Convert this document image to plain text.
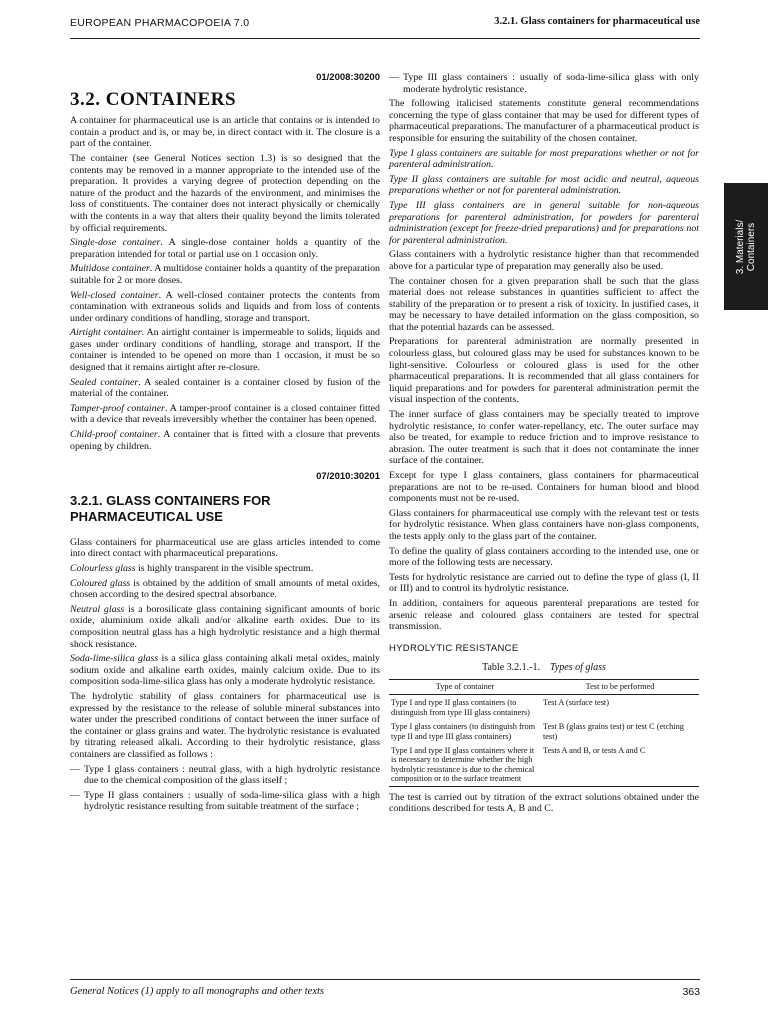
EUROPEAN PHARMACOPOEIA 7.0	3.2.1. Glass containers for pharmaceutical use
3. Materials/ Containers
01/2008:30200
3.2. CONTAINERS

A container for pharmaceutical use is an article that contains or is intended to contain a product and is, or may be, in direct contact with it. The closure is a part of the container.

The container (see General Notices section 1.3) is so designed that the contents may be removed in a manner appropriate to the intended use of the preparation. It provides a varying degree of protection depending on the nature of the product and the hazards of the environment, and minimises the loss of constituents. The container does not interact physically or chemically with the contents in a way that alters their quality beyond the limits tolerated by official requirements.

Single-dose container. A single-dose container holds a quantity of the preparation intended for total or partial use on 1 occasion only.

Multidose container. A multidose container holds a quantity of the preparation suitable for 2 or more doses.

Well-closed container. A well-closed container protects the contents from contamination with extraneous solids and liquids and from loss of contents under ordinary conditions of handling, storage and transport.

Airtight container. An airtight container is impermeable to solids, liquids and gases under ordinary conditions of handling, storage and transport. If the container is intended to be opened on more than 1 occasion, it must be so designed that it remains airtight after re-closure.

Sealed container. A sealed container is a container closed by fusion of the material of the container.

Tamper-proof container. A tamper-proof container is a closed container fitted with a device that reveals irreversibly whether the container has been opened.

Child-proof container. A container that is fitted with a closure that prevents opening by children.

07/2010:30201
3.2.1. GLASS CONTAINERS FOR PHARMACEUTICAL USE

Glass containers for pharmaceutical use are glass articles intended to come into direct contact with pharmaceutical preparations.

Colourless glass is highly transparent in the visible spectrum.

Coloured glass is obtained by the addition of small amounts of metal oxides, chosen according to the desired spectral absorbance.

Neutral glass is a borosilicate glass containing significant amounts of boric oxide, aluminium oxide alkali and/or alkaline earth oxides. Due to its composition neutral glass has a high hydrolytic resistance and a high thermal shock resistance.

Soda-lime-silica glass is a silica glass containing alkali metal oxides, mainly sodium oxide and alkaline earth oxides, mainly calcium oxide. Due to its composition soda-lime-silica glass has only a moderate hydrolytic resistance.

The hydrolytic stability of glass containers for pharmaceutical use is expressed by the resistance to the release of soluble mineral substances into water under the prescribed conditions of contact between the inner surface of the container or glass grains and water. The hydrolytic resistance is evaluated by titrating released alkali. According to their hydrolytic resistance, glass containers are classified as follows :

— Type I glass containers : neutral glass, with a high hydrolytic resistance due to the chemical composition of the glass itself ;
— Type II glass containers : usually of soda-lime-silica glass with a high hydrolytic resistance resulting from suitable treatment of the surface ;
— Type III glass containers : usually of soda-lime-silica glass with only moderate hydrolytic resistance.

The following italicised statements constitute general recommendations concerning the type of glass container that may be used for different types of pharmaceutical preparations. The manufacturer of a pharmaceutical product is responsible for ensuring the suitability of the chosen container.

Type I glass containers are suitable for most preparations whether or not for parenteral administration.

Type II glass containers are suitable for most acidic and neutral, aqueous preparations whether or not for parenteral administration.

Type III glass containers are in general suitable for non-aqueous preparations for parenteral administration, for powders for parenteral administration (except for freeze-dried preparations) and for preparations not for parenteral administration.

Glass containers with a hydrolytic resistance higher than that recommended above for a particular type of preparation may generally also be used.

The container chosen for a given preparation shall be such that the glass material does not release substances in quantities sufficient to affect the stability of the preparation or to present a risk of toxicity. In justified cases, it may be necessary to have detailed information on the glass composition, so that the potential hazards can be assessed.

Preparations for parenteral administration are normally presented in colourless glass, but coloured glass may be used for substances known to be light-sensitive. Colourless or coloured glass is used for the other pharmaceutical preparations. It is recommended that all glass containers for liquid preparations and for powders for parenteral administration permit the visual inspection of the contents.

The inner surface of glass containers may be specially treated to improve hydrolytic resistance, to confer water-repellancy, etc. The outer surface may also be treated, for example to reduce friction and to improve resistance to abrasion. The outer treatment is such that it does not contaminate the inner surface of the container.

Except for type I glass containers, glass containers for pharmaceutical preparations are not to be re-used. Containers for human blood and blood components must not be re-used.

Glass containers for pharmaceutical use comply with the relevant test or tests for hydrolytic resistance. When glass containers have non-glass components, the tests apply only to the glass part of the container.

To define the quality of glass containers according to the intended use, one or more of the following tests are necessary.

Tests for hydrolytic resistance are carried out to define the type of glass (I, II or III) and to control its hydrolytic resistance.

In addition, containers for aqueous parenteral preparations are tested for arsenic release and coloured glass containers are tested for spectral transmission.

HYDROLYTIC RESISTANCE
Table 3.2.1.-1. Types of glass
Type of container	Test to be performed
Type I and type II glass containers (to distinguish from type III glass containers)	Test A (surface test)
Type I glass containers (to distinguish from type II and type III glass containers)	Test B (glass grains test) or test C (etching test)
Type I and type II glass containers where it is necessary to determine whether the high hydrolytic resistance is due to the chemical composition or to the surface treatment	Tests A and B, or tests A and C

The test is carried out by titration of the extract solutions obtained under the conditions described for tests A, B and C.

General Notices (1) apply to all monographs and other texts	363
